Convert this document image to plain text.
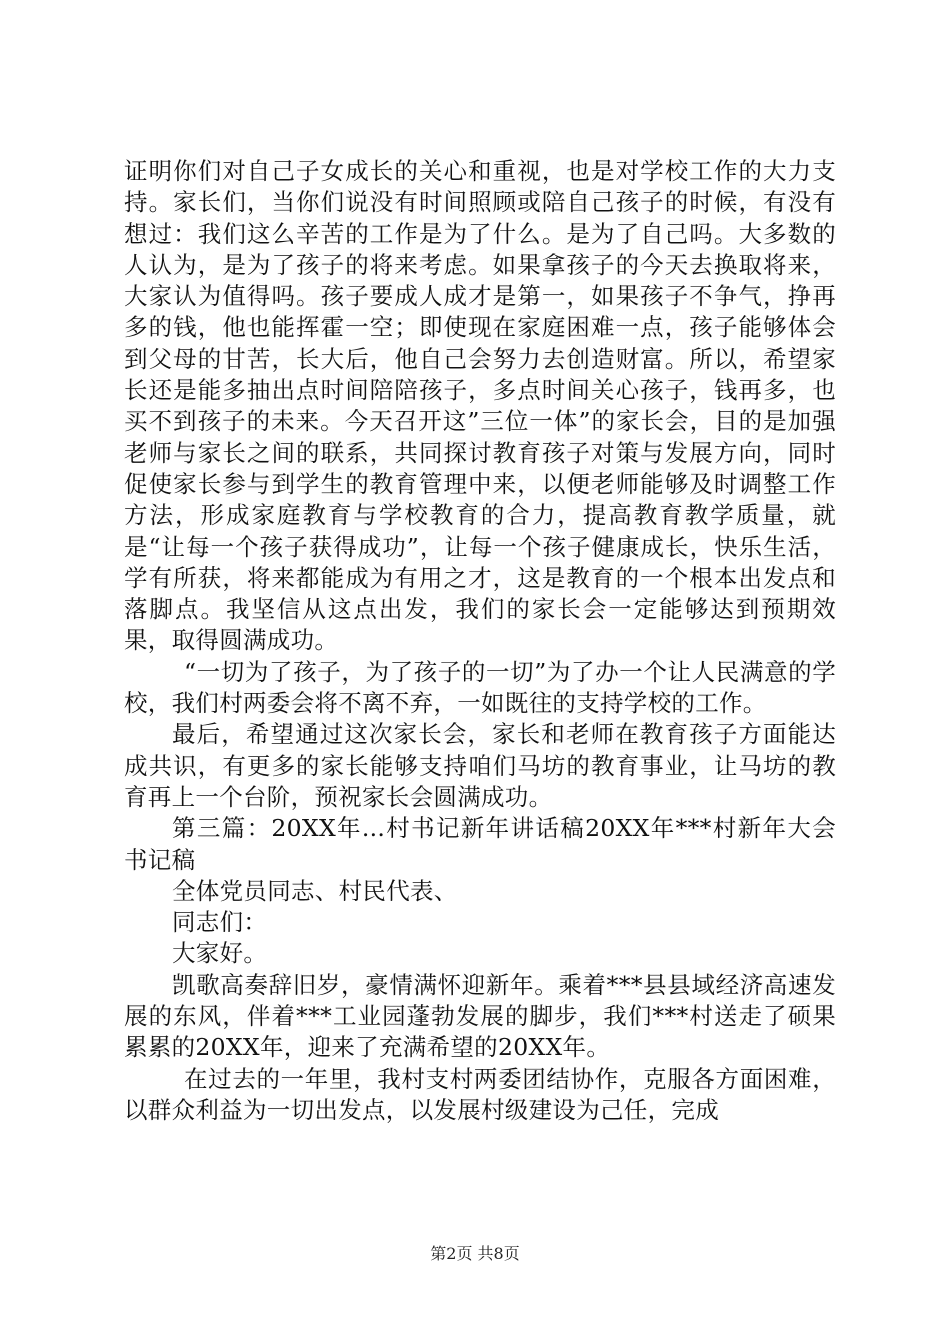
证明你们对自己子女成长的关心和重视，也是对学校工作的大力支持。家长们，当你们说没有时间照顾或陪自己孩子的时候，有没有想过：我们这么辛苦的工作是为了什么。是为了自己吗。大多数的人认为，是为了孩子的将来考虑。如果拿孩子的今天去换取将来，大家认为值得吗。孩子要成人成才是第一，如果孩子不争气，挣再多的钱，他也能挥霍一空；即使现在家庭困难一点，孩子能够体会到父母的甘苦，长大后，他自己会努力去创造财富。所以，希望家长还是能多抽出点时间陪陪孩子，多点时间关心孩子，钱再多，也买不到孩子的未来。今天召开这”三位一体”的家长会，目的是加强老师与家长之间的联系，共同探讨教育孩子对策与发展方向，同时促使家长参与到学生的教育管理中来，以便老师能够及时调整工作方法，形成家庭教育与学校教育的合力，提高教育教学质量，就是“让每一个孩子获得成功”，让每一个孩子健康成长，快乐生活，学有所获，将来都能成为有用之才，这是教育的一个根本出发点和落脚点。我坚信从这点出发，我们的家长会一定能够达到预期效果，取得圆满成功。

“一切为了孩子，为了孩子的一切”为了办一个让人民满意的学校，我们村两委会将不离不弃，一如既往的支持学校的工作。

最后，希望通过这次家长会，家长和老师在教育孩子方面能达成共识，有更多的家长能够支持咱们马坊的教育事业，让马坊的教育再上一个台阶，预祝家长会圆满成功。

第三篇：20XX年...村书记新年讲话稿20XX年***村新年大会书记稿

全体党员同志、村民代表、

同志们：

大家好。

凯歌高奏辞旧岁，豪情满怀迎新年。乘着***县县域经济高速发展的东风，伴着***工业园蓬勃发展的脚步，我们***村送走了硕果累累的20XX年，迎来了充满希望的20XX年。

在过去的一年里，我村支村两委团结协作，克服各方面困难，以群众利益为一切出发点，以发展村级建设为己任，完成

第2页 共8页
